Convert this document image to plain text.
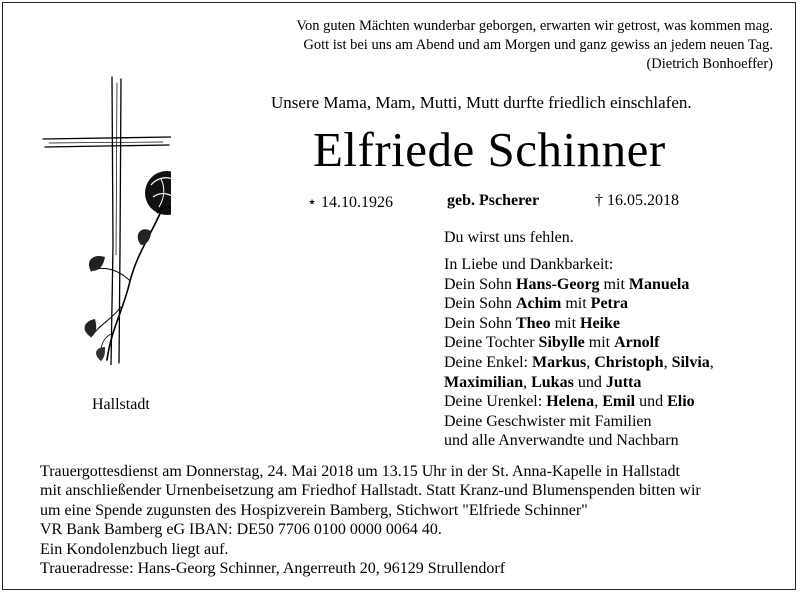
Von guten Mächten wunderbar geborgen, erwarten wir getrost, was kommen mag.
Gott ist bei uns am Abend und am Morgen und ganz gewiss an jedem neuen Tag.
(Dietrich Bonhoeffer)
Unsere Mama, Mam, Mutti, Mutt durfte friedlich einschlafen.
Elfriede Schinner
⋆ 14.10.1926	geb. Pscherer	† 16.05.2018
Du wirst uns fehlen.
In Liebe und Dankbarkeit:
Dein Sohn Hans-Georg mit Manuela
Dein Sohn Achim mit Petra
Dein Sohn Theo mit Heike
Deine Tochter Sibylle mit Arnolf
Deine Enkel: Markus, Christoph, Silvia,
Maximilian, Lukas und Jutta
Deine Urenkel: Helena, Emil und Elio
Deine Geschwister mit Familien
und alle Anverwandte und Nachbarn
Hallstadt
Trauergottesdienst am Donnerstag, 24. Mai 2018 um 13.15 Uhr in der St. Anna-Kapelle in Hallstadt
mit anschließender Urnenbeisetzung am Friedhof Hallstadt. Statt Kranz-und Blumenspenden bitten wir
um eine Spende zugunsten des Hospizverein Bamberg, Stichwort "Elfriede Schinner"
VR Bank Bamberg eG IBAN: DE50 7706 0100 0000 0064 40.
Ein Kondolenzbuch liegt auf.
Traueradresse: Hans-Georg Schinner, Angerreuth 20, 96129 Strullendorf
